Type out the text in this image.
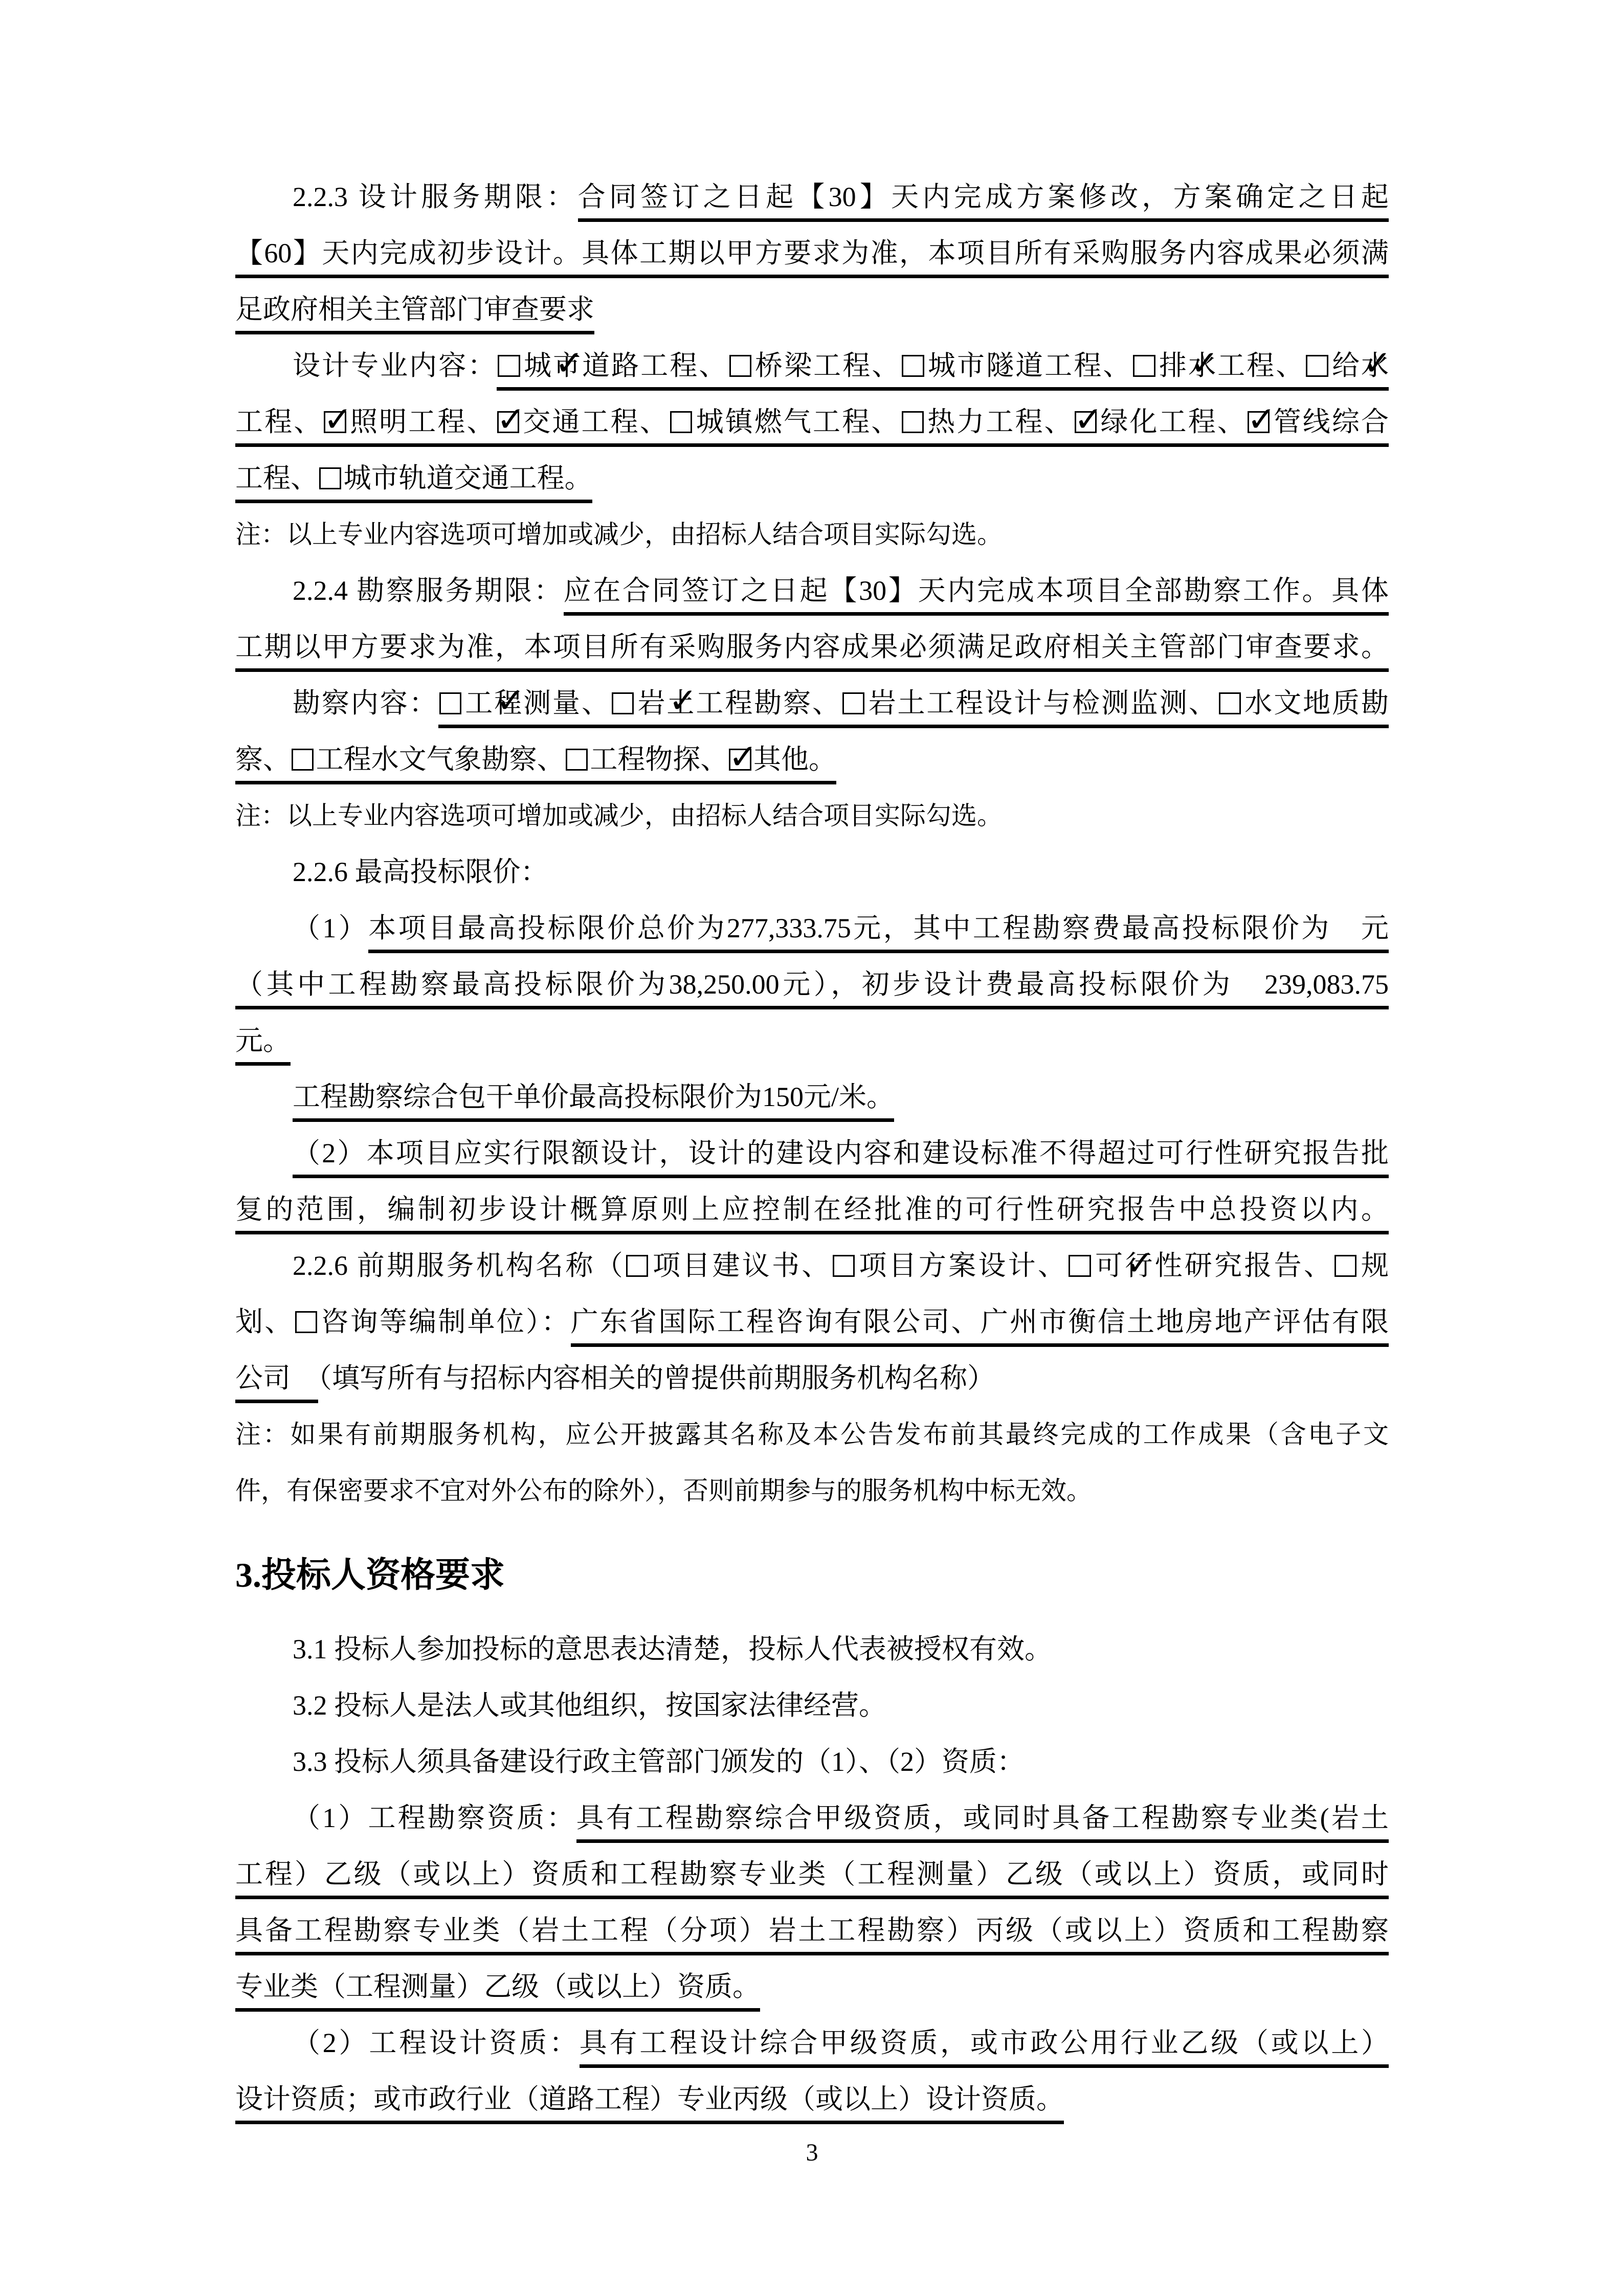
2.2.3 设计服务期限：合同签订之日起【30】天内完成方案修改，方案确定之日起
【60】天内完成初步设计。具体工期以甲方要求为准，本项目所有采购服务内容成果必须满
足政府相关主管部门审查要求
设计专业内容： ✓ 城市道路工程、 桥梁工程、 城市隧道工程、 ✓ 排水工程、 ✓ 给水
工程、 ✓ 照明工程、 ✓ 交通工程、 城镇燃气工程、 热力工程、 ✓ 绿化工程、 ✓ 管线综合
工程、 城市轨道交通工程。
注：以上专业内容选项可增加或减少，由招标人结合项目实际勾选。
2.2.4 勘察服务期限：应在合同签订之日起【30】天内完成本项目全部勘察工作。具体
工期以甲方要求为准，本项目所有采购服务内容成果必须满足政府相关主管部门审查要求。
勘察内容： ✓ 工程测量、 ✓ 岩土工程勘察、 岩土工程设计与检测监测、 水文地质勘
察、 工程水文气象勘察、 工程物探、 ✓ 其他。
注：以上专业内容选项可增加或减少，由招标人结合项目实际勾选。
2.2.6 最高投标限价：
（1）本项目最高投标限价总价为277,333.75元，其中工程勘察费最高投标限价为　元
（其中工程勘察最高投标限价为38,250.00元），初步设计费最高投标限价为　239,083.75
元。
工程勘察综合包干单价最高投标限价为150元/米。
（2）本项目应实行限额设计，设计的建设内容和建设标准不得超过可行性研究报告批
复的范围，编制初步设计概算原则上应控制在经批准的可行性研究报告中总投资以内。
2.2.6 前期服务机构名称（ 项目建议书、 项目方案设计、 ✓ 可行性研究报告、 规
划、 咨询等编制单位）：广东省国际工程咨询有限公司、广州市衡信土地房地产评估有限
公司　（填写所有与招标内容相关的曾提供前期服务机构名称）
注：如果有前期服务机构，应公开披露其名称及本公告发布前其最终完成的工作成果（含电子文
件，有保密要求不宜对外公布的除外），否则前期参与的服务机构中标无效。
3.投标人资格要求
3.1 投标人参加投标的意思表达清楚，投标人代表被授权有效。
3.2 投标人是法人或其他组织，按国家法律经营。
3.3 投标人须具备建设行政主管部门颁发的（1）、（2）资质：
（1）工程勘察资质：具有工程勘察综合甲级资质，或同时具备工程勘察专业类(岩土
工程）乙级（或以上）资质和工程勘察专业类（工程测量）乙级（或以上）资质，或同时
具备工程勘察专业类（岩土工程（分项）岩土工程勘察）丙级（或以上）资质和工程勘察
专业类（工程测量）乙级（或以上）资质。
（2）工程设计资质：具有工程设计综合甲级资质，或市政公用行业乙级（或以上）
设计资质；或市政行业（道路工程）专业丙级（或以上）设计资质。
3
